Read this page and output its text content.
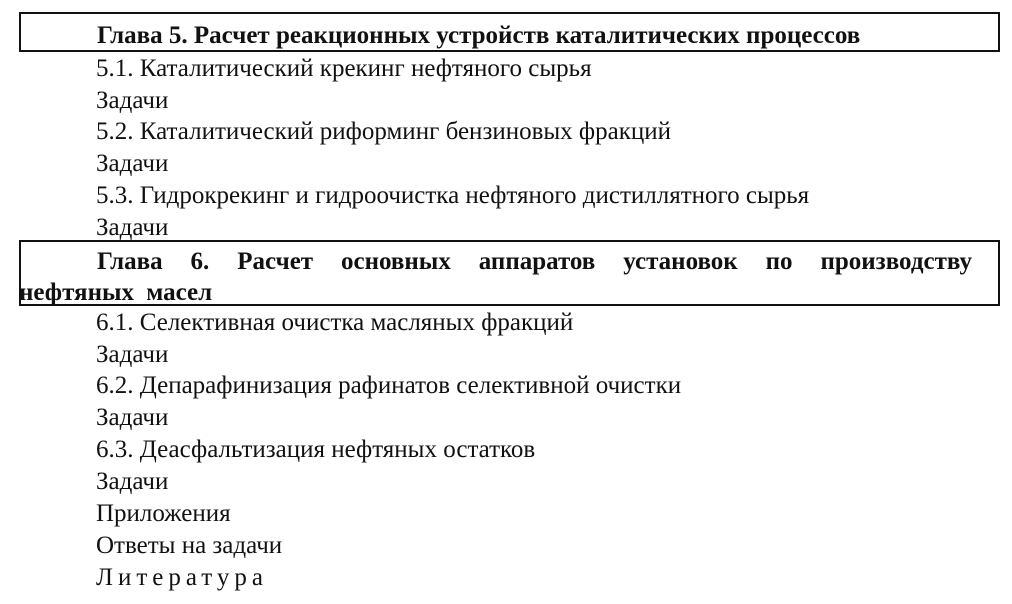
Глава 5. Расчет реакционных устройств каталитических процессов
5.1. Каталитический крекинг нефтяного сырья
Задачи
5.2. Каталитический риформинг бензиновых фракций
Задачи
5.3. Гидрокрекинг и гидроочистка нефтяного дистиллятного сырья
Задачи
Глава 6. Расчет основных аппаратов установок по производству нефтяных масел
6.1. Селективная очистка масляных фракций
Задачи
6.2. Депарафинизация рафинатов селективной очистки
Задачи
6.3. Деасфальтизация нефтяных остатков
Задачи
Приложения
Ответы на задачи
Литература
